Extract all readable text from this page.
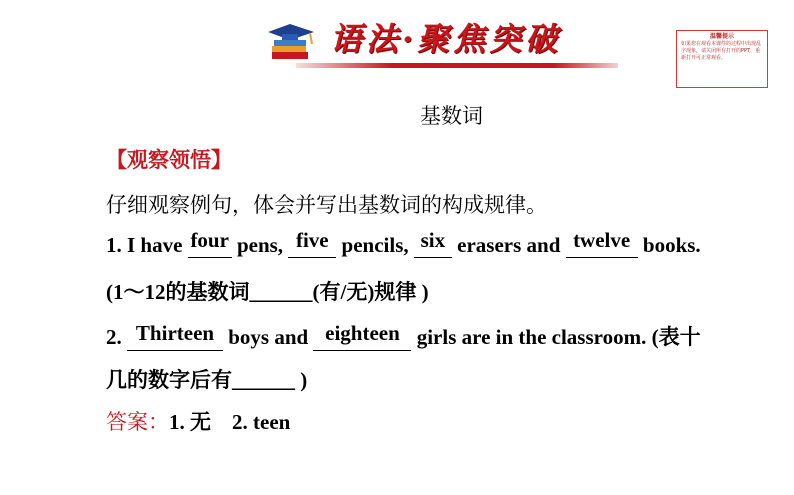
语法·聚焦突破	温馨提示
如果您在观看本课件的过程中出现乱字现象，请关闭所有打开的PPT，重新打开可正常观看。
基数词
【观察领悟】
仔细观察例句，体会并写出基数词的构成规律。
1. I have four pens, five pencils, six erasers and twelve books.
(1～12的基数词______(有/无)规律 )
2. Thirteen boys and eighteen girls are in the classroom. (表十
几的数字后有______ )
答案：1. 无　2. teen
